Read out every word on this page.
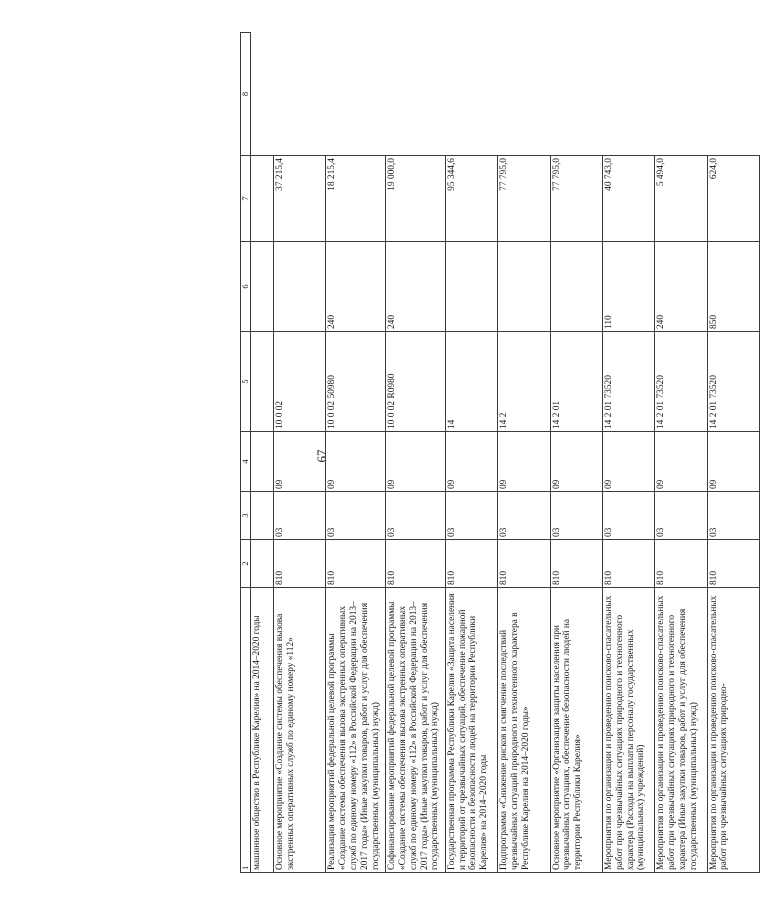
67
1	2	3	4	5	6	7	8
машинное общество в Республике Карелия» на 2014–2020 годы							
Основное мероприятие «Создание системы обеспечения вызова экстренных оперативных служб по единому номеру «112»	810	03	09	10 0 02		37 215,4	
Реализация мероприятий федеральной целевой программы «Создание системы обеспечения вызова экстренных оперативных служб по единому номеру «112» в Российской Федерации на 2013–2017 годы» (Иные закупки товаров, работ и услуг для обеспечения государственных (муниципальных) нужд)	810	03	09	10 0 02 50980	240	18 215,4	
Софинансирование мероприятий федеральной целевой программы «Создание системы обеспечения вызова экстренных оперативных служб по единому номеру «112» в Российской Федерации на 2013–2017 годы» (Иные закупки товаров, работ и услуг для обеспечения государственных (муниципальных) нужд)	810	03	09	10 0 02 R0980	240	19 000,0	
Государственная программа Республики Карелия «Защита населения и территорий от чрезвычайных ситуаций, обеспечение пожарной безопасности и безопасности людей на территории Республики Карелия» на 2014–2020 годы	810	03	09	14		95 344,6	
Подпрограмма «Снижение рисков и смягчение последствий чрезвычайных ситуаций природного и техногенного характера в Республике Карелия на 2014–2020 годы»	810	03	09	14 2		77 795,0	
Основное мероприятие «Организация защиты населения при чрезвычайных ситуациях, обеспечение безопасности людей на территории Республики Карелия»	810	03	09	14 2 01		77 795,0	
Мероприятия по организации и проведению поисково-спасательных работ при чрезвычайных ситуациях природного и техногенного характера (Расходы на выплаты персоналу государственных (муниципальных) учреждений)	810	03	09	14 2 01 73520	110	40 743,0	
Мероприятия по организации и проведению поисково-спасательных работ при чрезвычайных ситуациях природного и техногенного характера (Иные закупки товаров, работ и услуг для обеспечения государственных (муниципальных) нужд)	810	03	09	14 2 01 73520	240	5 494,0	
Мероприятия по организации и проведению поисково-спасательных работ при чрезвычайных ситуациях природно-	810	03	09	14 2 01 73520	850	624,0	
